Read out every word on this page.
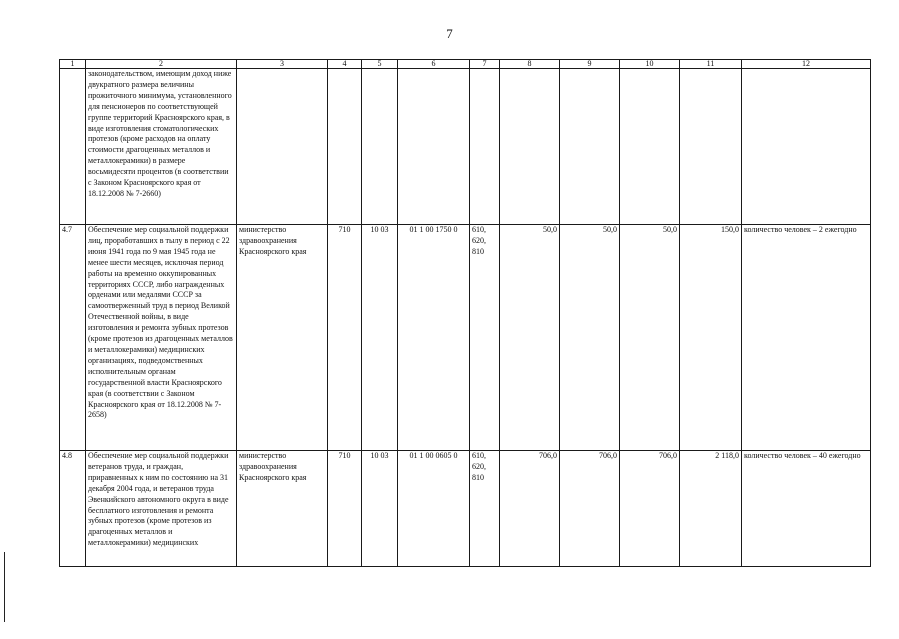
7
1	2	3	4	5	6	7	8	9	10	11	12
	законодательством, имеющим доход ниже двукратного размера величины прожиточного минимума, установленного для пенсионеров по соответствующей группе территорий Красноярского края, в виде изготовления стоматологических протезов (кроме расходов на оплату стоимости драгоценных металлов и металлокерамики) в размере восьмидесяти процентов (в соответствии с Законом Красноярского края от 18.12.2008 № 7-2660)										
4.7	Обеспечение мер социальной поддержки лиц, проработавших в тылу в период с 22 июня 1941 года по 9 мая 1945 года не менее шести месяцев, исключая период работы на временно оккупированных территориях СССР, либо награжденных орденами или медалями СССР за самоотверженный труд в период Великой Отечественной войны, в виде изготовления и ремонта зубных протезов (кроме протезов из драгоценных металлов и металлокерамики) медицинских организациях, подведомственных исполнительным органам государственной власти Красноярского края (в соответствии с Законом Красноярского края от 18.12.2008 № 7-2658)	министерство здравоохранения Красноярского края	710	10 03	01 1 00 1750 0	610, 620, 810	50,0	50,0	50,0	150,0	количество человек – 2 ежегодно
4.8	Обеспечение мер социальной поддержки ветеранов труда, и граждан, приравненных к ним по состоянию на 31 декабря 2004 года, и ветеранов труда Эвенкийского автономного округа в виде бесплатного изготовления и ремонта зубных протезов (кроме протезов из драгоценных металлов и металлокерамики) медицинских	министерство здравоохранения Красноярского края	710	10 03	01 1 00 0605 0	610, 620, 810	706,0	706,0	706,0	2 118,0	количество человек – 40 ежегодно
